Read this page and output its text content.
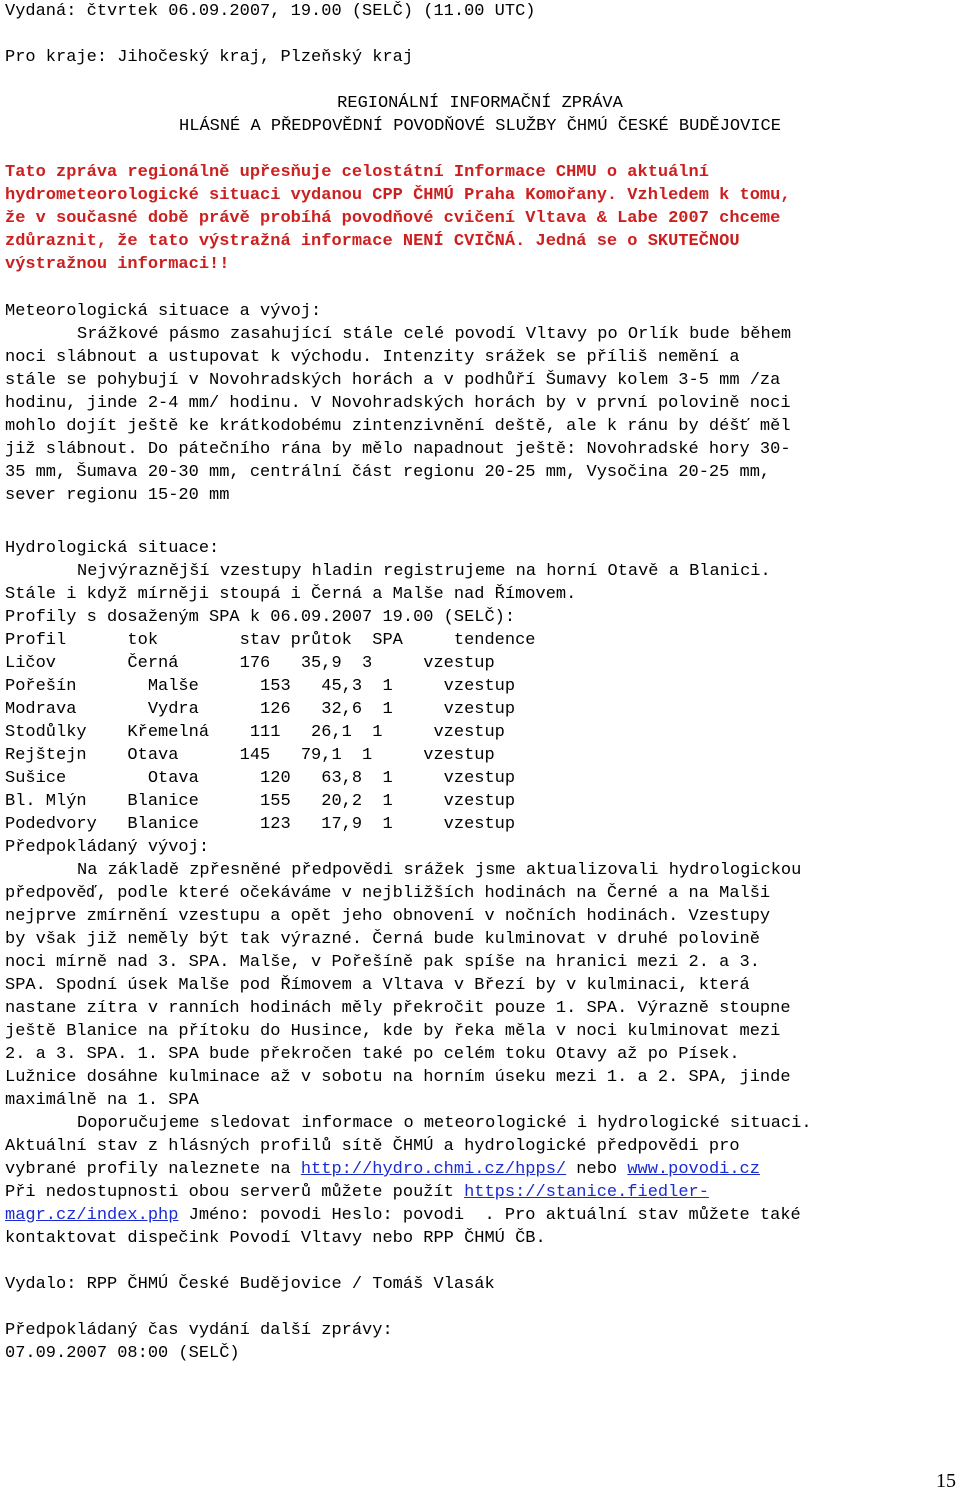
Vydaná: čtvrtek 06.09.2007, 19.00 (SELČ) (11.00 UTC)
Pro kraje: Jihočeský kraj, Plzeňský kraj
REGIONÁLNÍ INFORMAČNÍ ZPRÁVA
HLÁSNÉ A PŘEDPOVĚDNÍ POVODŇOVÉ SLUŽBY ČHMÚ ČESKÉ BUDĚJOVICE
Tato zpráva regionálně upřesňuje celostátní Informace CHMU o aktuální
hydrometeorologické situaci vydanou CPP ČHMÚ Praha Komořany. Vzhledem k tomu,
že v současné době právě probíhá povodňové cvičení Vltava & Labe 2007 chceme
zdůraznit, že tato výstražná informace NENÍ CVIČNÁ. Jedná se o SKUTEČNOU
výstražnou informaci!!
Meteorologická situace a vývoj:
Srážkové pásmo zasahující stále celé povodí Vltavy po Orlík bude během
noci slábnout a ustupovat k východu. Intenzity srážek se příliš nemění a
stále se pohybují v Novohradských horách a v podhůří Šumavy kolem 3-5 mm /za
hodinu, jinde 2-4 mm/ hodinu. V Novohradských horách by v první polovině noci
mohlo dojít ještě ke krátkodobému zintenzivnění deště, ale k ránu by déšť měl
již slábnout. Do pátečního rána by mělo napadnout ještě: Novohradské hory 30-
35 mm, Šumava 20-30 mm, centrální část regionu 20-25 mm, Vysočina 20-25 mm,
sever regionu 15-20 mm
Hydrologická situace:
Nejvýraznější vzestupy hladin registrujeme na horní Otavě a Blanici.
Stále i když mírněji stoupá i Černá a Malše nad Římovem.
Profily s dosaženým SPA k 06.09.2007 19.00 (SELČ):
Profil      tok        stav průtok  SPA     tendence
Ličov       Černá      176   35,9  3     vzestup
Pořešín       Malše      153   45,3  1     vzestup
Modrava       Vydra      126   32,6  1     vzestup
Stodůlky    Křemelná    111   26,1  1     vzestup
Rejštejn    Otava      145   79,1  1     vzestup
Sušice        Otava      120   63,8  1     vzestup
Bl. Mlýn    Blanice      155   20,2  1     vzestup
Podedvory   Blanice      123   17,9  1     vzestup
Předpokládaný vývoj:
Na základě zpřesněné předpovědi srážek jsme aktualizovali hydrologickou
předpověď, podle které očekáváme v nejbližších hodinách na Černé a na Malši
nejprve zmírnění vzestupu a opět jeho obnovení v nočních hodinách. Vzestupy
by však již neměly být tak výrazné. Černá bude kulminovat v druhé polovině
noci mírně nad 3. SPA. Malše, v Pořešíně pak spíše na hranici mezi 2. a 3.
SPA. Spodní úsek Malše pod Římovem a Vltava v Březí by v kulminaci, která
nastane zítra v ranních hodinách měly překročit pouze 1. SPA. Výrazně stoupne
ještě Blanice na přítoku do Husince, kde by řeka měla v noci kulminovat mezi
2. a 3. SPA. 1. SPA bude překročen také po celém toku Otavy až po Písek.
Lužnice dosáhne kulminace až v sobotu na horním úseku mezi 1. a 2. SPA, jinde
maximálně na 1. SPA
Doporučujeme sledovat informace o meteorologické i hydrologické situaci.
Aktuální stav z hlásných profilů sítě ČHMÚ a hydrologické předpovědi pro
vybrané profily naleznete na http://hydro.chmi.cz/hpps/ nebo www.povodi.cz
Při nedostupnosti obou serverů můžete použít https://stanice.fiedler-
magr.cz/index.php Jméno: povodi Heslo: povodi  . Pro aktuální stav můžete také
kontaktovat dispečink Povodí Vltavy nebo RPP ČHMÚ ČB.
Vydalo: RPP ČHMÚ České Budějovice / Tomáš Vlasák
Předpokládaný čas vydání další zprávy:
07.09.2007 08:00 (SELČ)
15
